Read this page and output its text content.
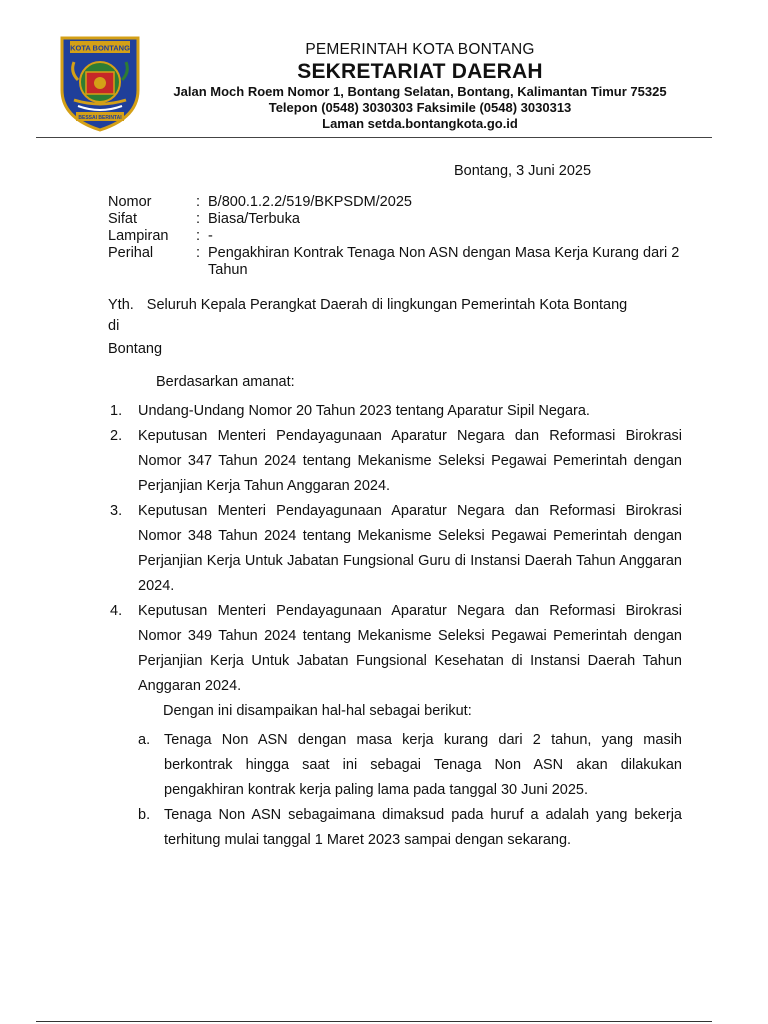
KOTA BONTANG
BESSAI BERINTAI
PEMERINTAH KOTA BONTANG
SEKRETARIAT DAERAH
Jalan Moch Roem Nomor 1, Bontang Selatan, Bontang, Kalimantan Timur 75325
Telepon (0548) 3030303 Faksimile (0548) 3030313
Laman setda.bontangkota.go.id
Bontang, 3 Juni 2025
Nomor	: B/800.1.2.2/519/BKPSDM/2025
Sifat	: Biasa/Terbuka
Lampiran	: -
Perihal	: Pengakhiran Kontrak Tenaga Non ASN dengan Masa Kerja Kurang dari 2 Tahun
Yth. Seluruh Kepala Perangkat Daerah di lingkungan Pemerintah Kota Bontang
di
Bontang
Berdasarkan amanat:
1.	Undang-Undang Nomor 20 Tahun 2023 tentang Aparatur Sipil Negara.
2.	Keputusan Menteri Pendayagunaan Aparatur Negara dan Reformasi Birokrasi Nomor 347 Tahun 2024 tentang Mekanisme Seleksi Pegawai Pemerintah dengan Perjanjian Kerja Tahun Anggaran 2024.
3.	Keputusan Menteri Pendayagunaan Aparatur Negara dan Reformasi Birokrasi Nomor 348 Tahun 2024 tentang Mekanisme Seleksi Pegawai Pemerintah dengan Perjanjian Kerja Untuk Jabatan Fungsional Guru di Instansi Daerah Tahun Anggaran 2024.
4.	Keputusan Menteri Pendayagunaan Aparatur Negara dan Reformasi Birokrasi Nomor 349 Tahun 2024 tentang Mekanisme Seleksi Pegawai Pemerintah dengan Perjanjian Kerja Untuk Jabatan Fungsional Kesehatan di Instansi Daerah Tahun Anggaran 2024.
Dengan ini disampaikan hal-hal sebagai berikut:
a. Tenaga Non ASN dengan masa kerja kurang dari 2 tahun, yang masih berkontrak hingga saat ini sebagai Tenaga Non ASN akan dilakukan pengakhiran kontrak kerja paling lama pada tanggal 30 Juni 2025.
b. Tenaga Non ASN sebagaimana dimaksud pada huruf a adalah yang bekerja terhitung mulai tanggal 1 Maret 2023 sampai dengan sekarang.
